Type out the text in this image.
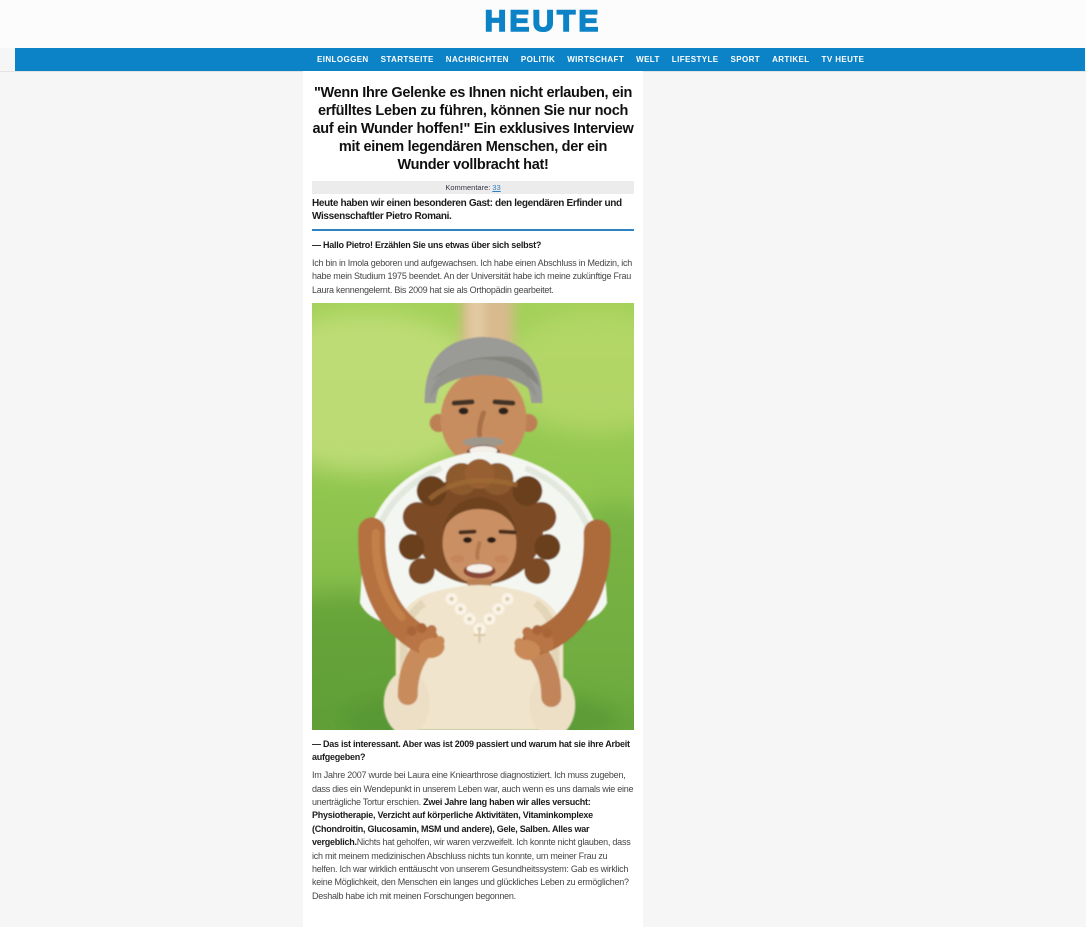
HEUTE
EINLOGGEN STARTSEITE NACHRICHTEN POLITIK WIRTSCHAFT WELT LIFESTYLE SPORT ARTIKEL TV HEUTE
"Wenn Ihre Gelenke es Ihnen nicht erlauben, ein erfülltes Leben zu führen, können Sie nur noch auf ein Wunder hoffen!" Ein exklusives Interview mit einem legendären Menschen, der ein Wunder vollbracht hat!
Kommentare: 33

Heute haben wir einen besonderen Gast: den legendären Erfinder und Wissenschaftler Pietro Romani.

— Hallo Pietro! Erzählen Sie uns etwas über sich selbst?

Ich bin in Imola geboren und aufgewachsen. Ich habe einen Abschluss in Medizin, ich habe mein Studium 1975 beendet. An der Universität habe ich meine zukünftige Frau Laura kennengelernt. Bis 2009 hat sie als Orthopädin gearbeitet.

— Das ist interessant. Aber was ist 2009 passiert und warum hat sie ihre Arbeit aufgegeben?

Im Jahre 2007 wurde bei Laura eine Kniearthrose diagnostiziert. Ich muss zugeben, dass dies ein Wendepunkt in unserem Leben war, auch wenn es uns damals wie eine unerträgliche Tortur erschien. Zwei Jahre lang haben wir alles versucht: Physiotherapie, Verzicht auf körperliche Aktivitäten, Vitaminkomplexe (Chondroitin, Glucosamin, MSM und andere), Gele, Salben. Alles war vergeblich.Nichts hat geholfen, wir waren verzweifelt. Ich konnte nicht glauben, dass ich mit meinem medizinischen Abschluss nichts tun konnte, um meiner Frau zu helfen. Ich war wirklich enttäuscht von unserem Gesundheitssystem: Gab es wirklich keine Möglichkeit, den Menschen ein langes und glückliches Leben zu ermöglichen? Deshalb habe ich mit meinen Forschungen begonnen.
